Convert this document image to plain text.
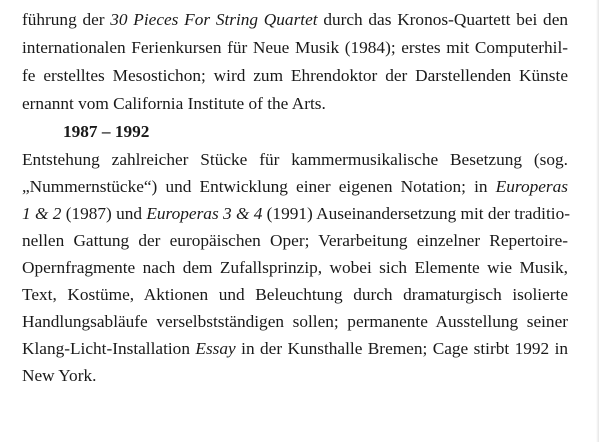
führung der 30 Pieces For String Quartet durch das Kronos-Quartett bei den
internationalen Ferienkursen für Neue Musik (1984); erstes mit Computerhil-
fe erstelltes Mesostichon; wird zum Ehrendoktor der Darstellenden Künste
ernannt vom California Institute of the Arts.
1987 – 1992
Entstehung zahlreicher Stücke für kammermusikalische Besetzung (sog.
„Nummernstücke“) und Entwicklung einer eigenen Notation; in Europeras
1 & 2 (1987) und Europeras 3 & 4 (1991) Auseinandersetzung mit der traditio-
nellen Gattung der europäischen Oper; Verarbeitung einzelner Repertoire-
Opernfragmente nach dem Zufallsprinzip, wobei sich Elemente wie Musik,
Text, Kostüme, Aktionen und Beleuchtung durch dramaturgisch isolierte
Handlungsabläufe verselbstständigen sollen; permanente Ausstellung seiner
Klang-Licht-Installation Essay in der Kunsthalle Bremen; Cage stirbt 1992 in
New York.
